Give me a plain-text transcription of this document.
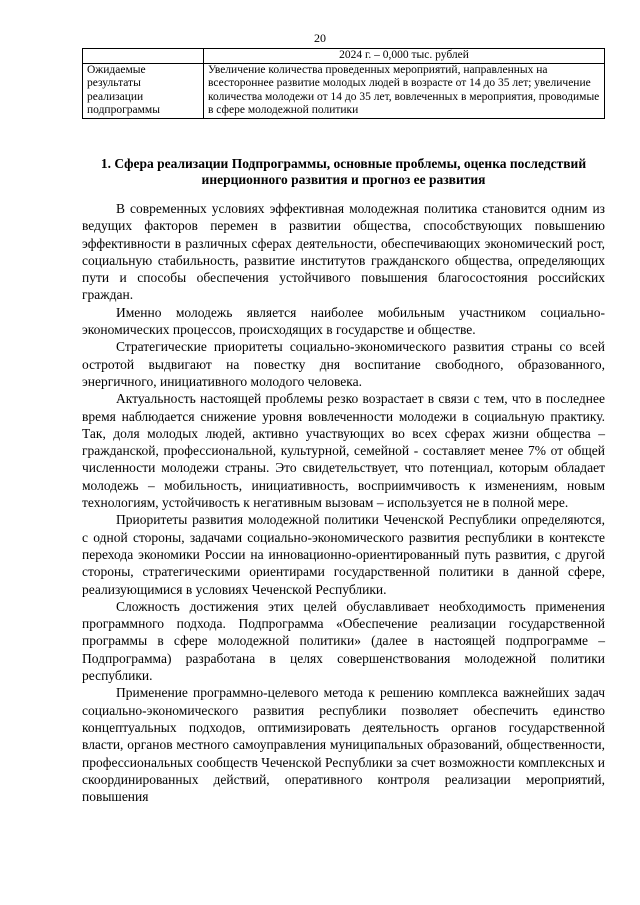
20
	2024 г. – 0,000 тыс. рублей
Ожидаемые результаты реализации подпрограммы	Увеличение количества проведенных мероприятий, направленных на всестороннее развитие молодых людей в возрасте от 14 до 35 лет; увеличение количества молодежи от 14 до 35 лет, вовлеченных в мероприятия, проводимые в сфере молодежной политики
1. Сфера реализации Подпрограммы, основные проблемы, оценка последствий инерционного развития и прогноз ее развития

В современных условиях эффективная молодежная политика становится одним из ведущих факторов перемен в развитии общества, способствующих повышению эффективности в различных сферах деятельности, обеспечивающих экономический рост, социальную стабильность, развитие институтов гражданского общества, определяющих пути и способы обеспечения устойчивого повышения благосостояния российских граждан.

Именно молодежь является наиболее мобильным участником социально-экономических процессов, происходящих в государстве и обществе.

Стратегические приоритеты социально-экономического развития страны со всей остротой выдвигают на повестку дня воспитание свободного, образованного, энергичного, инициативного молодого человека.

Актуальность настоящей проблемы резко возрастает в связи с тем, что в последнее время наблюдается снижение уровня вовлеченности молодежи в социальную практику. Так, доля молодых людей, активно участвующих во всех сферах жизни общества – гражданской, профессиональной, культурной, семейной - составляет менее 7% от общей численности молодежи страны. Это свидетельствует, что потенциал, которым обладает молодежь – мобильность, инициативность, восприимчивость к изменениям, новым технологиям, устойчивость к негативным вызовам – используется не в полной мере.

Приоритеты развития молодежной политики Чеченской Республики определяются, с одной стороны, задачами социально-экономического развития республики в контексте перехода экономики России на инновационно-ориентированный путь развития, с другой стороны, стратегическими ориентирами государственной политики в данной сфере, реализующимися в условиях Чеченской Республики.

Сложность достижения этих целей обуславливает необходимость применения программного подхода. Подпрограмма «Обеспечение реализации государственной программы в сфере молодежной политики» (далее в настоящей подпрограмме – Подпрограмма) разработана в целях совершенствования молодежной политики республики.

Применение программно-целевого метода к решению комплекса важнейших задач социально-экономического развития республики позволяет обеспечить единство концептуальных подходов, оптимизировать деятельность органов государственной власти, органов местного самоуправления муниципальных образований, общественности, профессиональных сообществ Чеченской Республики за счет возможности комплексных и скоординированных действий, оперативного контроля реализации мероприятий, повышения
